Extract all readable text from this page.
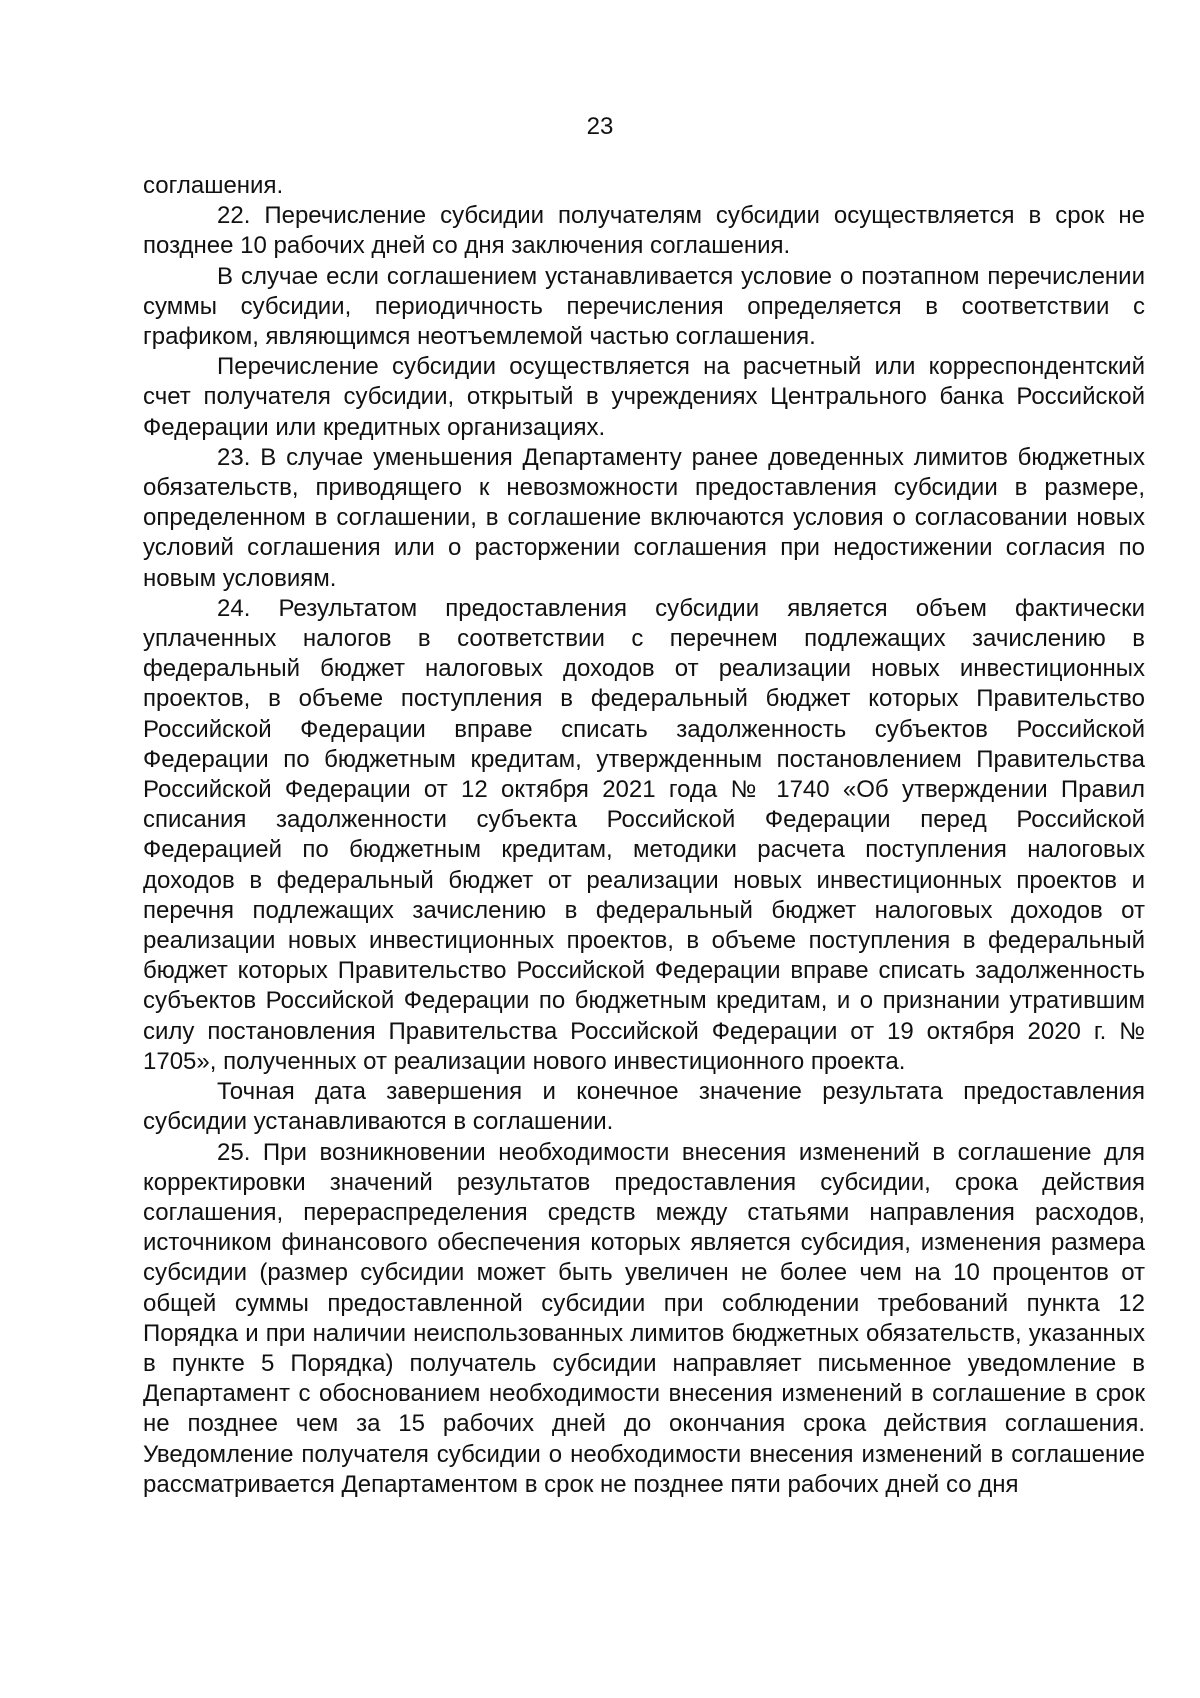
23

соглашения.

22. Перечисление субсидии получателям субсидии осуществляется в срок не позднее 10 рабочих дней со дня заключения соглашения.

В случае если соглашением устанавливается условие о поэтапном перечислении суммы субсидии, периодичность перечисления определяется в соответствии с графиком, являющимся неотъемлемой частью соглашения.

Перечисление субсидии осуществляется на расчетный или корреспондентский счет получателя субсидии, открытый в учреждениях Центрального банка Российской Федерации или кредитных организациях.

23. В случае уменьшения Департаменту ранее доведенных лимитов бюджетных обязательств, приводящего к невозможности предоставления субсидии в размере, определенном в соглашении, в соглашение включаются условия о согласовании новых условий соглашения или о расторжении соглашения при недостижении согласия по новым условиям.

24. Результатом предоставления субсидии является объем фактически уплаченных налогов в соответствии с перечнем подлежащих зачислению в федеральный бюджет налоговых доходов от реализации новых инвестиционных проектов, в объеме поступления в федеральный бюджет которых Правительство Российской Федерации вправе списать задолженность субъектов Российской Федерации по бюджетным кредитам, утвержденным постановлением Правительства Российской Федерации от 12 октября 2021 года № 1740 «Об утверждении Правил списания задолженности субъекта Российской Федерации перед Российской Федерацией по бюджетным кредитам, методики расчета поступления налоговых доходов в федеральный бюджет от реализации новых инвестиционных проектов и перечня подлежащих зачислению в федеральный бюджет налоговых доходов от реализации новых инвестиционных проектов, в объеме поступления в федеральный бюджет которых Правительство Российской Федерации вправе списать задолженность субъектов Российской Федерации по бюджетным кредитам, и о признании утратившим силу постановления Правительства Российской Федерации от 19 октября 2020 г. № 1705», полученных от реализации нового инвестиционного проекта.

Точная дата завершения и конечное значение результата предоставления субсидии устанавливаются в соглашении.

25. При возникновении необходимости внесения изменений в соглашение для корректировки значений результатов предоставления субсидии, срока действия соглашения, перераспределения средств между статьями направления расходов, источником финансового обеспечения которых является субсидия, изменения размера субсидии (размер субсидии может быть увеличен не более чем на 10 процентов от общей суммы предоставленной субсидии при соблюдении требований пункта 12 Порядка и при наличии неиспользованных лимитов бюджетных обязательств, указанных в пункте 5 Порядка) получатель субсидии направляет письменное уведомление в Департамент с обоснованием необходимости внесения изменений в соглашение в срок не позднее чем за 15 рабочих дней до окончания срока действия соглашения. Уведомление получателя субсидии о необходимости внесения изменений в соглашение рассматривается Департаментом в срок не позднее пяти рабочих дней со дня
